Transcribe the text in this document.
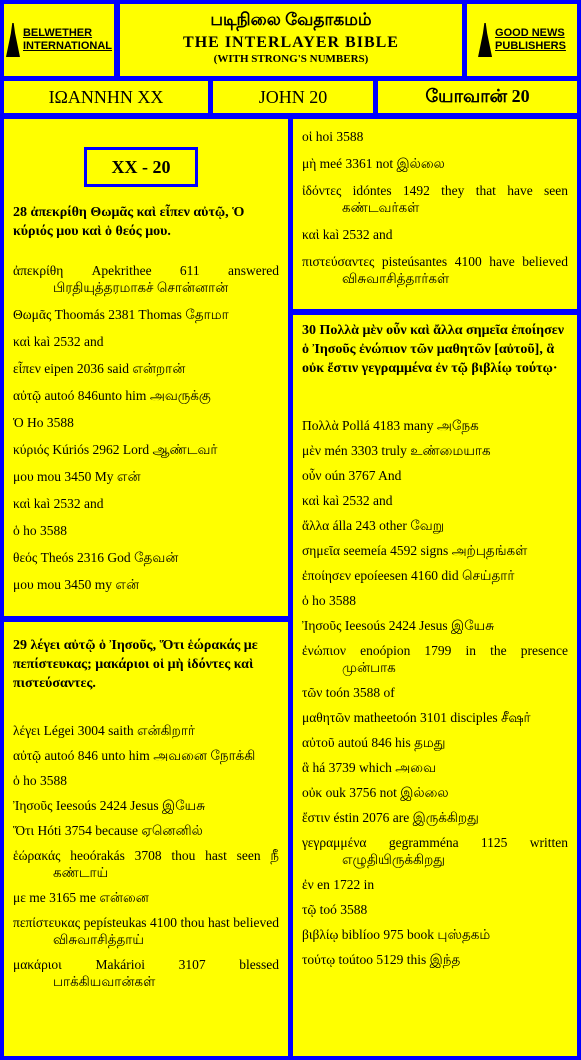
BELWETHER
INTERNATIONAL
படிநிலை வேதாகமம்
THE INTERLAYER BIBLE
(WITH STRONG'S NUMBERS)
GOOD NEWS
PUBLISHERS
ΙΩΑΝΝΗΝ XX	JOHN 20	யோவான் 20
XX - 20
28 ἀπεκρίθη Θωμᾶς καὶ εἶπεν αὐτῷ, Ὁ κύριός μου καὶ ὁ θεός μου.
ἀπεκρίθη Apekrithee 611 answered பிரதியுத்தரமாகச் சொன்னான்
Θωμᾶς Thoomás 2381 Thomas தோமா
καὶ kaì 2532 and
εἶπεν eipen 2036 said என்றான்
αὐτῷ autoó 846unto him அவருக்கு
Ὁ Ho 3588
κύριός Kúriós 2962 Lord ஆண்டவர்
μου mou 3450 My என்
καὶ kaì 2532 and
ὁ ho 3588
θεός Theós 2316 God தேவன்
μου mou 3450 my என்
29 λέγει αὐτῷ ὁ Ἰησοῦς, Ὅτι ἑώρακάς με πεπίστευκας; μακάριοι οἱ μὴ ἰδόντες καὶ πιστεύσαντες.
λέγει Légei 3004 saith என்கிறார்
αὐτῷ autoó 846 unto him அவனை நோக்கி
ὁ ho 3588
Ἰησοῦς Ieesoús 2424 Jesus இயேசு
Ὅτι Hóti 3754 because ஏனெனில்
ἑώρακάς heoórakás 3708 thou hast seen நீ கண்டாய்
με me 3165 me என்னை
πεπίστευκας pepísteukas 4100 thou hast believed விசுவாசித்தாய்
μακάριοι Makárioi 3107 blessed பாக்கியவான்கள்
οἱ hoi 3588
μὴ meé 3361 not இல்லை
ἰδόντες idóntes 1492 they that have seen கண்டவர்கள்
καὶ kaì 2532 and
πιστεύσαντες pisteúsantes 4100 have believed விசுவாசித்தார்கள்
30 Πολλὰ μὲν οὖν καὶ ἄλλα σημεῖα ἐποίησεν ὁ Ἰησοῦς ἐνώπιον τῶν μαθητῶν [αὐτοῦ], ἃ οὐκ ἔστιν γεγραμμένα ἐν τῷ βιβλίῳ τούτῳ·
Πολλὰ Pollá 4183 many அநேக
μὲν mén 3303 truly உண்மையாக
οὖν oún 3767 And
καὶ kaì 2532 and
ἄλλα álla 243 other வேறு
σημεῖα seemeía 4592 signs அற்புதங்கள்
ἐποίησεν epoíeesen 4160 did செய்தார்
ὁ ho 3588
Ἰησοῦς Ieesoús 2424 Jesus இயேசு
ἐνώπιον enoópion 1799 in the presence முன்பாக
τῶν toón 3588 of
μαθητῶν matheetoón 3101 disciples சீஷர்
αὐτοῦ autoú 846 his தமது
ἃ há 3739 which அவை
οὐκ ouk 3756 not இல்லை
ἔστιν éstin 2076 are இருக்கிறது
γεγραμμένα gegramména 1125 written எழுதியிருக்கிறது
ἐν en 1722 in
τῷ toó 3588
βιβλίῳ biblíoo 975 book புஸ்தகம்
τούτῳ toútoo 5129 this இந்த
